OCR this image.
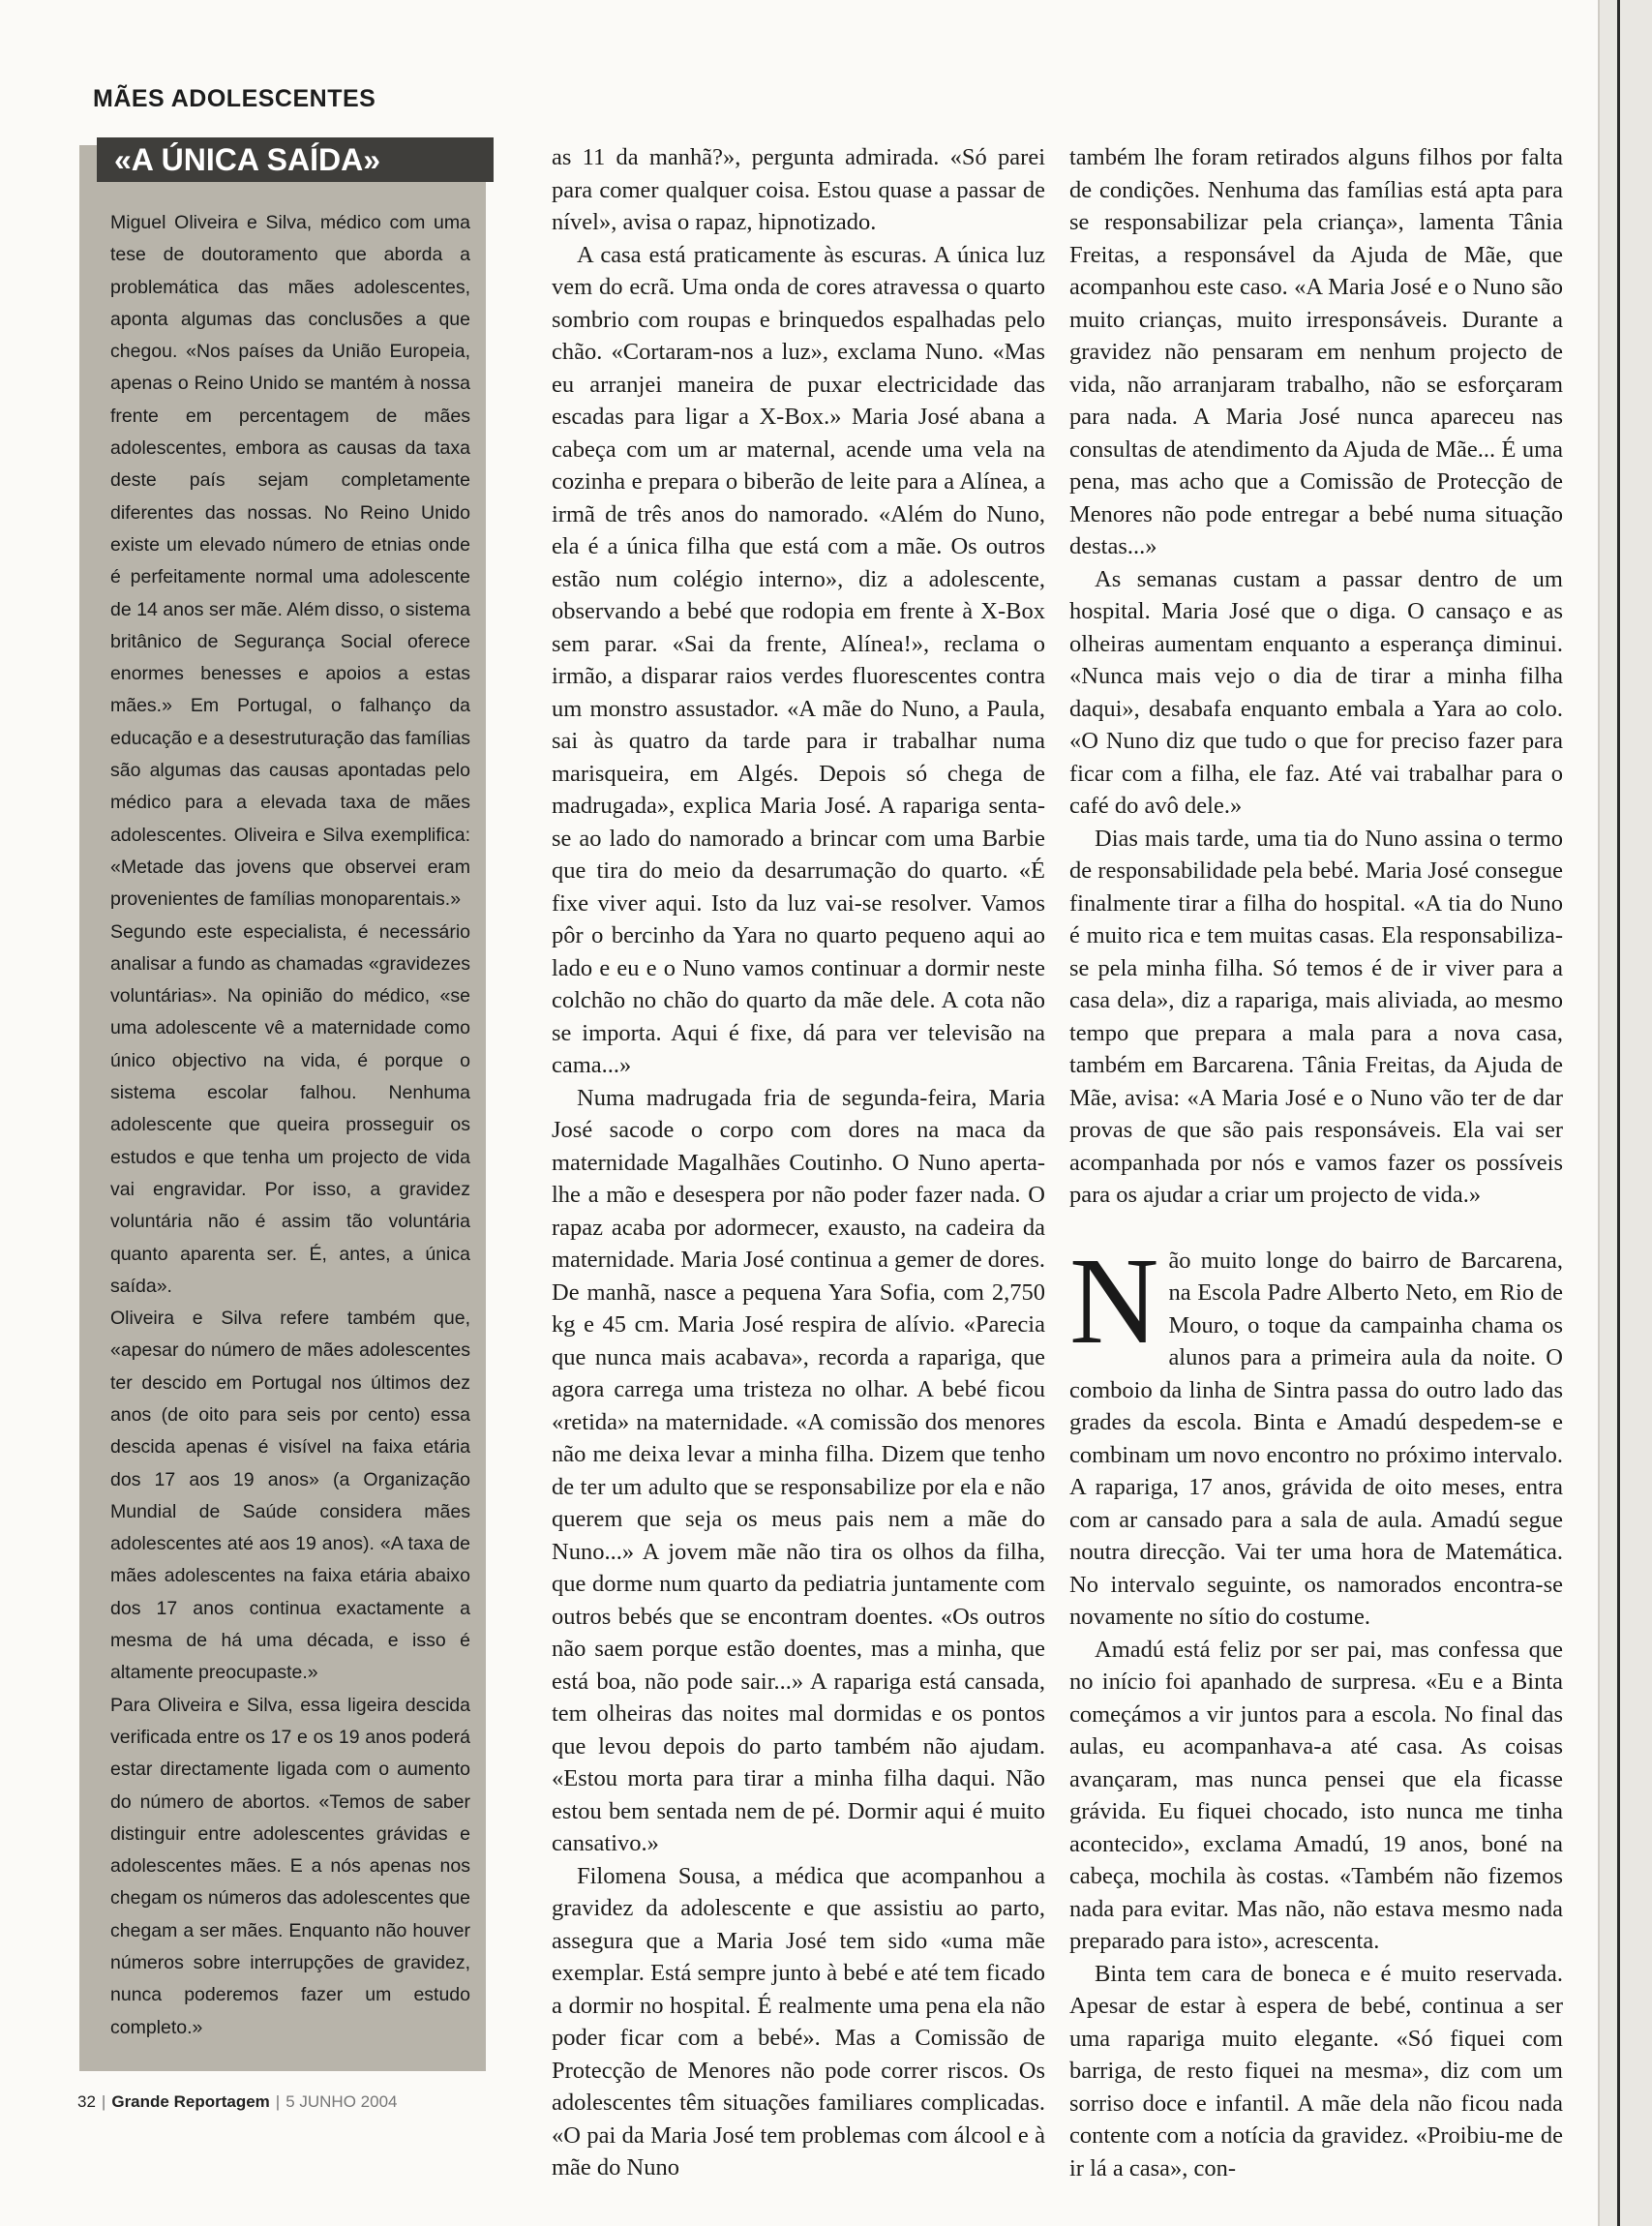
MÃES ADOLESCENTES
«A ÚNICA SAÍDA»

Miguel Oliveira e Silva, médico com uma tese de doutoramento que aborda a problemática das mães adolescentes, aponta algumas das conclusões a que chegou. «Nos países da União Europeia, apenas o Reino Unido se mantém à nossa frente em percentagem de mães adolescentes, embora as causas da taxa deste país sejam completamente diferentes das nossas. No Reino Unido existe um elevado número de etnias onde é perfeitamente normal uma adolescente de 14 anos ser mãe. Além disso, o sistema britânico de Segurança Social oferece enormes benesses e apoios a estas mães.» Em Portugal, o falhanço da educação e a desestruturação das famílias são algumas das causas apontadas pelo médico para a elevada taxa de mães adolescentes. Oliveira e Silva exemplifica: «Metade das jovens que observei eram provenientes de famílias monoparentais.»

Segundo este especialista, é necessário analisar a fundo as chamadas «gravidezes voluntárias». Na opinião do médico, «se uma adolescente vê a maternidade como único objectivo na vida, é porque o sistema escolar falhou. Nenhuma adolescente que queira prosseguir os estudos e que tenha um projecto de vida vai engravidar. Por isso, a gravidez voluntária não é assim tão voluntária quanto aparenta ser. É, antes, a única saída».

Oliveira e Silva refere também que, «apesar do número de mães adolescentes ter descido em Portugal nos últimos dez anos (de oito para seis por cento) essa descida apenas é visível na faixa etária dos 17 aos 19 anos» (a Organização Mundial de Saúde considera mães adolescentes até aos 19 anos). «A taxa de mães adolescentes na faixa etária abaixo dos 17 anos continua exactamente a mesma de há uma década, e isso é altamente preocupaste.»

Para Oliveira e Silva, essa ligeira descida verificada entre os 17 e os 19 anos poderá estar directamente ligada com o aumento do número de abortos. «Temos de saber distinguir entre adolescentes grávidas e adolescentes mães. E a nós apenas nos chegam os números das adolescentes que chegam a ser mães. Enquanto não houver números sobre interrupções de gravidez, nunca poderemos fazer um estudo completo.»

as 11 da manhã?», pergunta admirada. «Só parei para comer qualquer coisa. Estou quase a passar de nível», avisa o rapaz, hipnotizado.

A casa está praticamente às escuras. A única luz vem do ecrã. Uma onda de cores atravessa o quarto sombrio com roupas e brinquedos espalhadas pelo chão. «Cortaram-nos a luz», exclama Nuno. «Mas eu arranjei maneira de puxar electricidade das escadas para ligar a X-Box.» Maria José abana a cabeça com um ar maternal, acende uma vela na cozinha e prepara o biberão de leite para a Alínea, a irmã de três anos do namorado. «Além do Nuno, ela é a única filha que está com a mãe. Os outros estão num colégio interno», diz a adolescente, observando a bebé que rodopia em frente à X-Box sem parar. «Sai da frente, Alínea!», reclama o irmão, a disparar raios verdes fluorescentes contra um monstro assustador. «A mãe do Nuno, a Paula, sai às quatro da tarde para ir trabalhar numa marisqueira, em Algés. Depois só chega de madrugada», explica Maria José. A rapariga senta-se ao lado do namorado a brincar com uma Barbie que tira do meio da desarrumação do quarto. «É fixe viver aqui. Isto da luz vai-se resolver. Vamos pôr o bercinho da Yara no quarto pequeno aqui ao lado e eu e o Nuno vamos continuar a dormir neste colchão no chão do quarto da mãe dele. A cota não se importa. Aqui é fixe, dá para ver televisão na cama...»

Numa madrugada fria de segunda-feira, Maria José sacode o corpo com dores na maca da maternidade Magalhães Coutinho. O Nuno aperta-lhe a mão e desespera por não poder fazer nada. O rapaz acaba por adormecer, exausto, na cadeira da maternidade. Maria José continua a gemer de dores. De manhã, nasce a pequena Yara Sofia, com 2,750 kg e 45 cm. Maria José respira de alívio. «Parecia que nunca mais acabava», recorda a rapariga, que agora carrega uma tristeza no olhar. A bebé ficou «retida» na maternidade. «A comissão dos menores não me deixa levar a minha filha. Dizem que tenho de ter um adulto que se responsabilize por ela e não querem que seja os meus pais nem a mãe do Nuno...» A jovem mãe não tira os olhos da filha, que dorme num quarto da pediatria juntamente com outros bebés que se encontram doentes. «Os outros não saem porque estão doentes, mas a minha, que está boa, não pode sair...» A rapariga está cansada, tem olheiras das noites mal dormidas e os pontos que levou depois do parto também não ajudam. «Estou morta para tirar a minha filha daqui. Não estou bem sentada nem de pé. Dormir aqui é muito cansativo.»

Filomena Sousa, a médica que acompanhou a gravidez da adolescente e que assistiu ao parto, assegura que a Maria José tem sido «uma mãe exemplar. Está sempre junto à bebé e até tem ficado a dormir no hospital. É realmente uma pena ela não poder ficar com a bebé». Mas a Comissão de Protecção de Menores não pode correr riscos. Os adolescentes têm situações familiares complicadas. «O pai da Maria José tem problemas com álcool e à mãe do Nuno

também lhe foram retirados alguns filhos por falta de condições. Nenhuma das famílias está apta para se responsabilizar pela criança», lamenta Tânia Freitas, a responsável da Ajuda de Mãe, que acompanhou este caso. «A Maria José e o Nuno são muito crianças, muito irresponsáveis. Durante a gravidez não pensaram em nenhum projecto de vida, não arranjaram trabalho, não se esforçaram para nada. A Maria José nunca apareceu nas consultas de atendimento da Ajuda de Mãe... É uma pena, mas acho que a Comissão de Protecção de Menores não pode entregar a bebé numa situação destas...»

As semanas custam a passar dentro de um hospital. Maria José que o diga. O cansaço e as olheiras aumentam enquanto a esperança diminui. «Nunca mais vejo o dia de tirar a minha filha daqui», desabafa enquanto embala a Yara ao colo. «O Nuno diz que tudo o que for preciso fazer para ficar com a filha, ele faz. Até vai trabalhar para o café do avô dele.»

Dias mais tarde, uma tia do Nuno assina o termo de responsabilidade pela bebé. Maria José consegue finalmente tirar a filha do hospital. «A tia do Nuno é muito rica e tem muitas casas. Ela responsabiliza-se pela minha filha. Só temos é de ir viver para a casa dela», diz a rapariga, mais aliviada, ao mesmo tempo que prepara a mala para a nova casa, também em Barcarena. Tânia Freitas, da Ajuda de Mãe, avisa: «A Maria José e o Nuno vão ter de dar provas de que são pais responsáveis. Ela vai ser acompanhada por nós e vamos fazer os possíveis para os ajudar a criar um projecto de vida.»

Não muito longe do bairro de Barcarena, na Escola Padre Alberto Neto, em Rio de Mouro, o toque da campainha chama os alunos para a primeira aula da noite. O comboio da linha de Sintra passa do outro lado das grades da escola. Binta e Amadú despedem-se e combinam um novo encontro no próximo intervalo. A rapariga, 17 anos, grávida de oito meses, entra com ar cansado para a sala de aula. Amadú segue noutra direcção. Vai ter uma hora de Matemática. No intervalo seguinte, os namorados encontra-se novamente no sítio do costume.

Amadú está feliz por ser pai, mas confessa que no início foi apanhado de surpresa. «Eu e a Binta começámos a vir juntos para a escola. No final das aulas, eu acompanhava-a até casa. As coisas avançaram, mas nunca pensei que ela ficasse grávida. Eu fiquei chocado, isto nunca me tinha acontecido», exclama Amadú, 19 anos, boné na cabeça, mochila às costas. «Também não fizemos nada para evitar. Mas não, não estava mesmo nada preparado para isto», acrescenta.

Binta tem cara de boneca e é muito reservada. Apesar de estar à espera de bebé, continua a ser uma rapariga muito elegante. «Só fiquei com barriga, de resto fiquei na mesma», diz com um sorriso doce e infantil. A mãe dela não ficou nada contente com a notícia da gravidez. «Proibiu-me de ir lá a casa», con-

32 | Grande Reportagem | 5 JUNHO 2004
